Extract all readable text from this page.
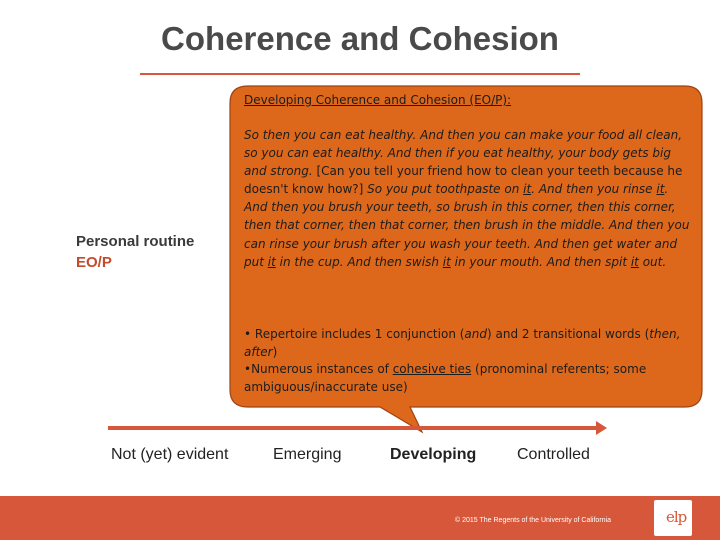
Coherence and Cohesion
Developing Coherence and Cohesion (EO/P):

So then you can eat healthy. And then you can make your food all clean, so you can eat healthy. And then if you eat healthy, your body gets big and strong. [Can you tell your friend how to clean your teeth because he doesn't know how?] So you put toothpaste on it. And then you rinse it. And then you brush your teeth, so brush in this corner, then this corner, then that corner, then that corner, then brush in the middle. And then you can rinse your brush after you wash your teeth. And then get water and put it in the cup. And then swish it in your mouth. And then spit it out.

• Repertoire includes 1 conjunction (and) and 2 transitional words (then, after)
•Numerous instances of cohesive ties (pronominal referents; some ambiguous/inaccurate use)
Personal routine
EO/P
Not (yet) evident	Emerging	Developing	Controlled
© 2015 The Regents of the University of California	elp
